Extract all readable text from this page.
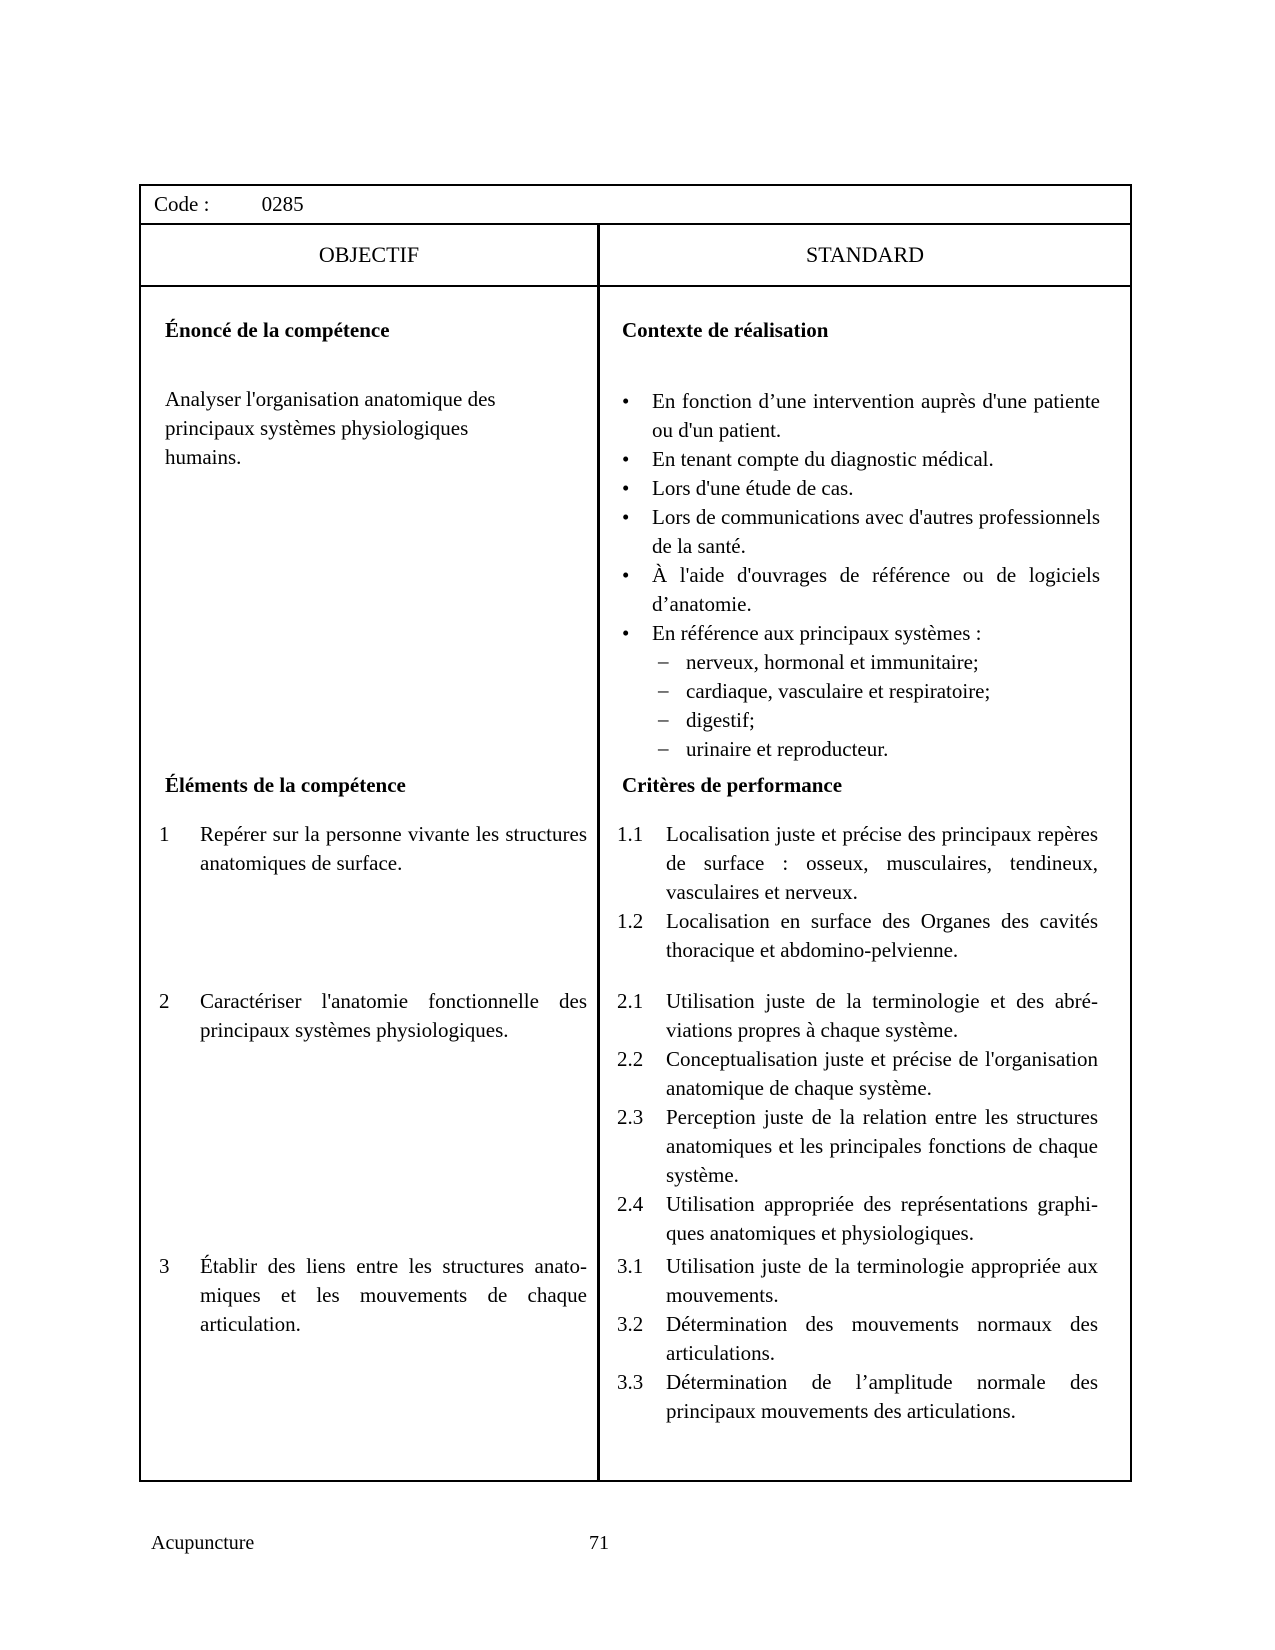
Code : 0285
OBJECTIF	STANDARD
Énoncé de la compétence

Analyser l'organisation anatomique des principaux systèmes physiologiques humains.

Éléments de la compétence
1 Repérer sur la personne vivante les structures anatomiques de surface.
2 Caractériser l'anatomie fonctionnelle des principaux systèmes physiologiques.
3 Établir des liens entre les structures anatomiques et les mouvements de chaque articulation.
Contexte de réalisation
• En fonction d’une intervention auprès d'une patiente ou d'un patient.
• En tenant compte du diagnostic médical.
• Lors d'une étude de cas.
• Lors de communications avec d'autres professionnels de la santé.
• À l'aide d'ouvrages de référence ou de logiciels d’anatomie.
• En référence aux principaux systèmes :
– nerveux, hormonal et immunitaire;
– cardiaque, vasculaire et respiratoire;
– digestif;
– urinaire et reproducteur.
Critères de performance
1.1 Localisation juste et précise des principaux repères de surface : osseux, musculaires, tendineux, vasculaires et nerveux.
1.2 Localisation en surface des Organes des cavités thoracique et abdomino-pelvienne.
2.1 Utilisation juste de la terminologie et des abréviations propres à chaque système.
2.2 Conceptualisation juste et précise de l'organisation anatomique de chaque système.
2.3 Perception juste de la relation entre les structures anatomiques et les principales fonctions de chaque système.
2.4 Utilisation appropriée des représentations graphiques anatomiques et physiologiques.
3.1 Utilisation juste de la terminologie appropriée aux mouvements.
3.2 Détermination des mouvements normaux des articulations.
3.3 Détermination de l’amplitude normale des principaux mouvements des articulations.
Acupuncture	71
